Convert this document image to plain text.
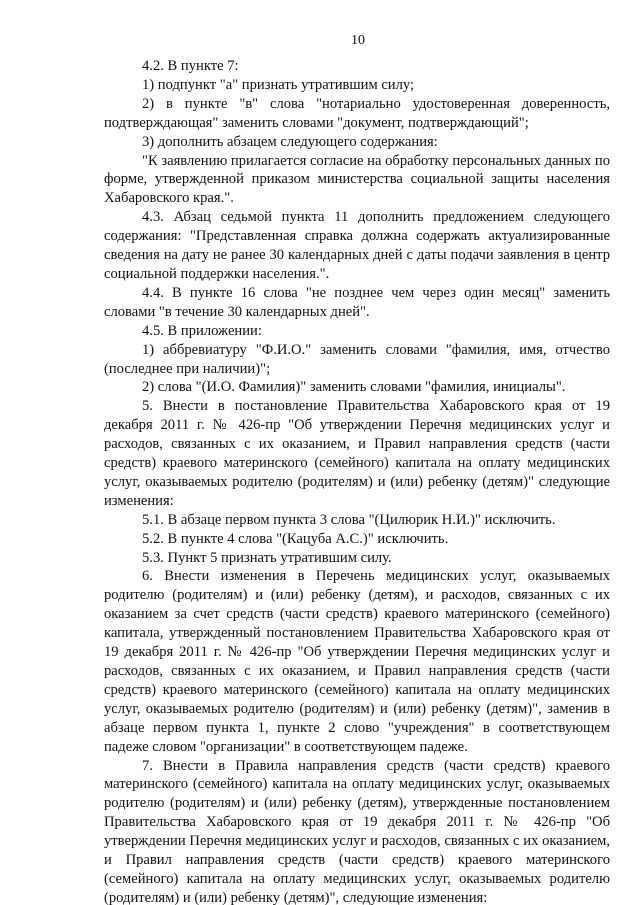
10

4.2. В пункте 7:

1) подпункт "а" признать утратившим силу;

2) в пункте "в" слова "нотариально удостоверенная доверенность, подтверждающая" заменить словами "документ, подтверждающий";

3) дополнить абзацем следующего содержания:

"К заявлению прилагается согласие на обработку персональных данных по форме, утвержденной приказом министерства социальной защиты населения Хабаровского края.".

4.3. Абзац седьмой пункта 11 дополнить предложением следующего содержания: "Представленная справка должна содержать актуализированные сведения на дату не ранее 30 календарных дней с даты подачи заявления в центр социальной поддержки населения.".

4.4. В пункте 16 слова "не позднее чем через один месяц" заменить словами "в течение 30 календарных дней".

4.5. В приложении:

1) аббревиатуру "Ф.И.О." заменить словами "фамилия, имя, отчество (последнее при наличии)";

2) слова "(И.О. Фамилия)" заменить словами "фамилия, инициалы".

5. Внести в постановление Правительства Хабаровского края от 19 декабря 2011 г. № 426-пр "Об утверждении Перечня медицинских услуг и расходов, связанных с их оказанием, и Правил направления средств (части средств) краевого материнского (семейного) капитала на оплату медицинских услуг, оказываемых родителю (родителям) и (или) ребенку (детям)" следующие изменения:

5.1. В абзаце первом пункта 3 слова "(Цилюрик Н.И.)" исключить.

5.2. В пункте 4 слова "(Кацуба А.С.)" исключить.

5.3. Пункт 5 признать утратившим силу.

6. Внести изменения в Перечень медицинских услуг, оказываемых родителю (родителям) и (или) ребенку (детям), и расходов, связанных с их оказанием за счет средств (части средств) краевого материнского (семейного) капитала, утвержденный постановлением Правительства Хабаровского края от 19 декабря 2011 г. № 426-пр "Об утверждении Перечня медицинских услуг и расходов, связанных с их оказанием, и Правил направления средств (части средств) краевого материнского (семейного) капитала на оплату медицинских услуг, оказываемых родителю (родителям) и (или) ребенку (детям)", заменив в абзаце первом пункта 1, пункте 2 слово "учреждения" в соответствующем падеже словом "организации" в соответствующем падеже.

7. Внести в Правила направления средств (части средств) краевого материнского (семейного) капитала на оплату медицинских услуг, оказываемых родителю (родителям) и (или) ребенку (детям), утвержденные постановлением Правительства Хабаровского края от 19 декабря 2011 г. № 426-пр "Об утверждении Перечня медицинских услуг и расходов, связанных с их оказанием, и Правил направления средств (части средств) краевого материнского (семейного) капитала на оплату медицинских услуг, оказываемых родителю (родителям) и (или) ребенку (детям)", следующие изменения:
